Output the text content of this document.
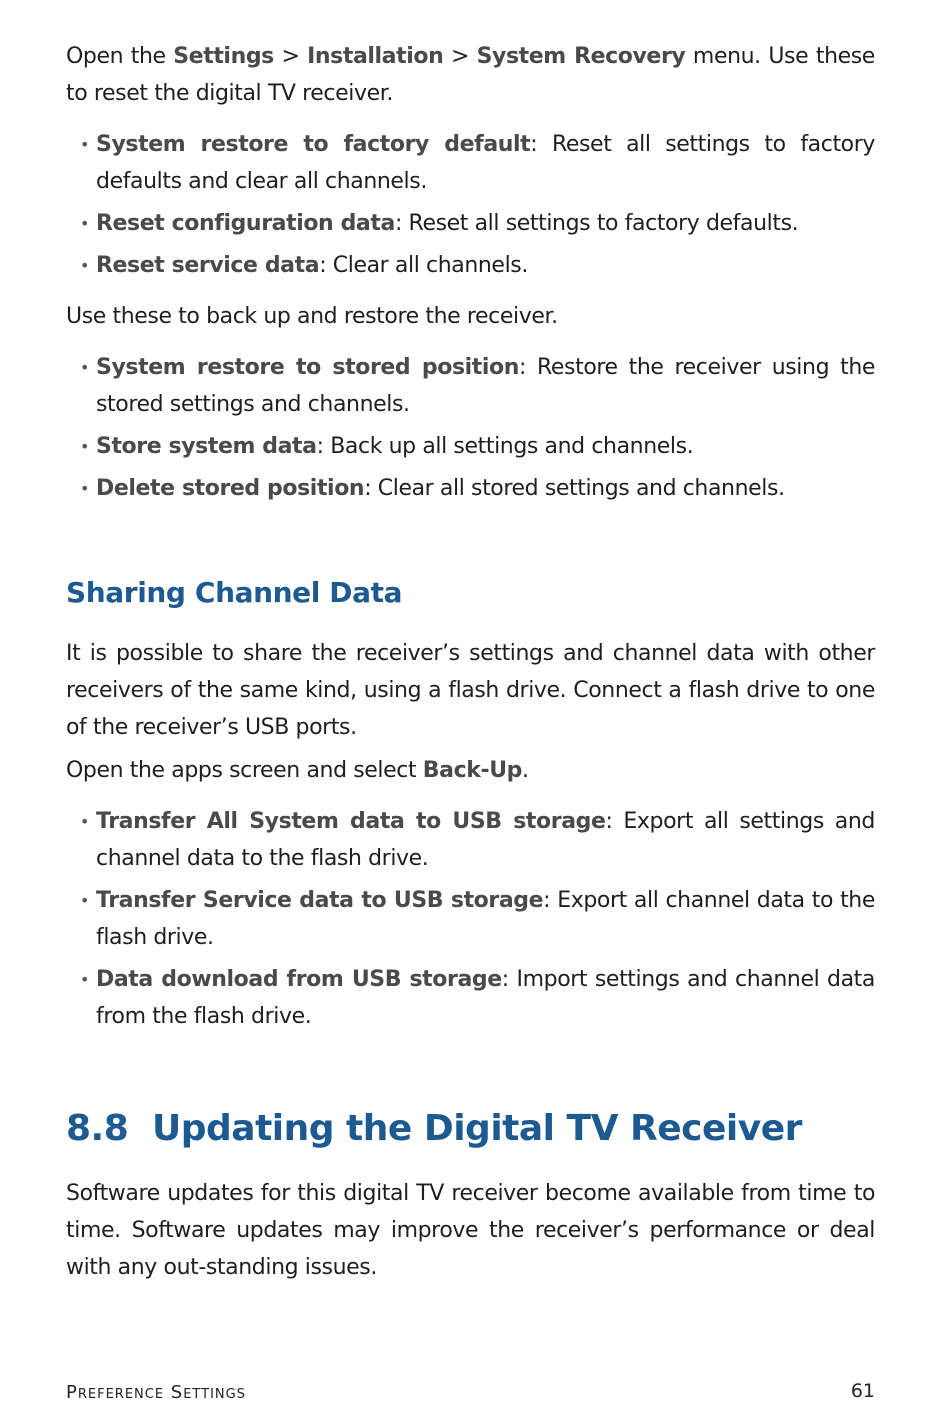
Open the Settings > Installation > System Recovery menu. Use these to reset the digital TV receiver.

• System restore to factory default: Reset all settings to factory defaults and clear all channels.
• Reset configuration data: Reset all settings to factory defaults.
• Reset service data: Clear all channels.

Use these to back up and restore the receiver.

• System restore to stored position: Restore the receiver using the stored settings and channels.
• Store system data: Back up all settings and channels.
• Delete stored position: Clear all stored settings and channels.
Sharing Channel Data

It is possible to share the receiver’s settings and channel data with other receivers of the same kind, using a flash drive. Connect a flash drive to one of the receiver’s USB ports.

Open the apps screen and select Back-Up.

• Transfer All System data to USB storage: Export all settings and channel data to the flash drive.
• Transfer Service data to USB storage: Export all channel data to the flash drive.
• Data download from USB storage: Import settings and channel data from the flash drive.
8.8 Updating the Digital TV Receiver

Software updates for this digital TV receiver become available from time to time. Software updates may improve the receiver’s performance or deal with any out-standing issues.

Preference Settings	61
